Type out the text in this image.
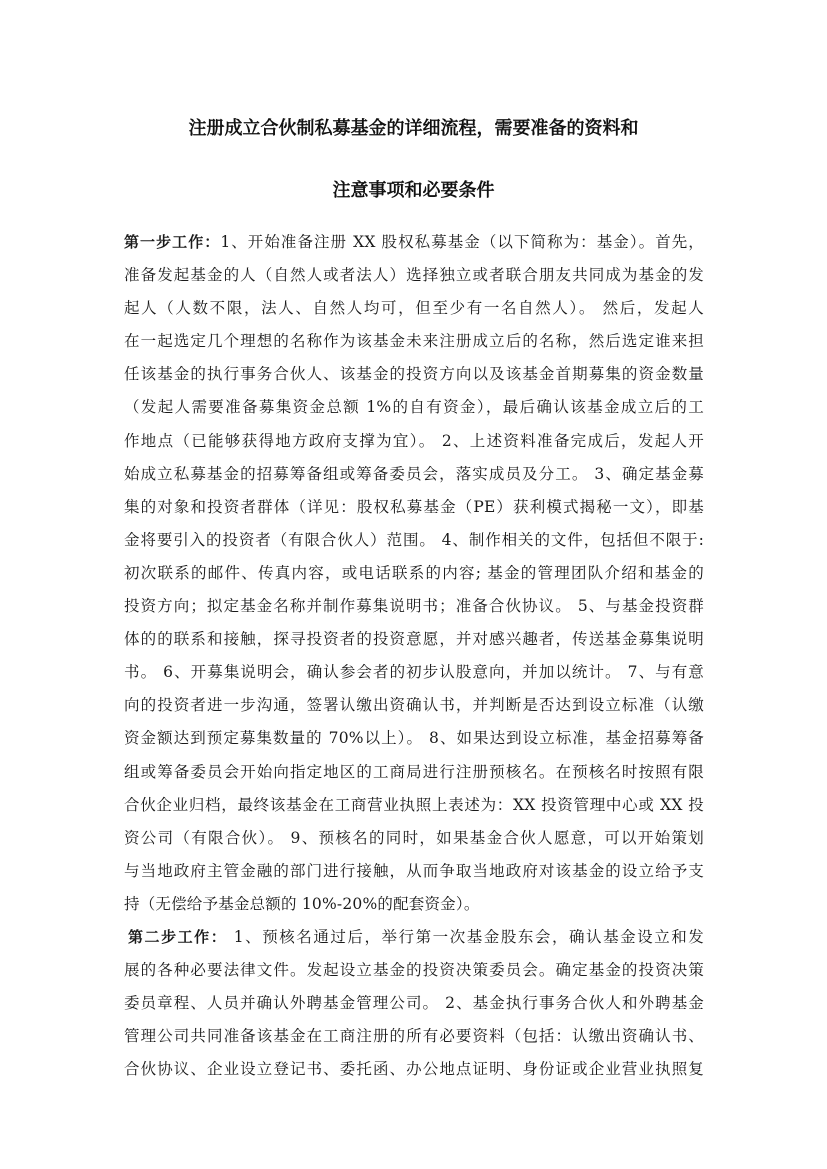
注册成立合伙制私募基金的详细流程，需要准备的资料和
注意事项和必要条件
第一步工作：1、开始准备注册 XX 股权私募基金（以下简称为：基金）。首先，
准备发起基金的人（自然人或者法人）选择独立或者联合朋友共同成为基金的发
起人（人数不限，法人、自然人均可，但至少有一名自然人）。 然后，发起人
在一起选定几个理想的名称作为该基金未来注册成立后的名称，然后选定谁来担
任该基金的执行事务合伙人、该基金的投资方向以及该基金首期募集的资金数量
（发起人需要准备募集资金总额 1%的自有资金），最后确认该基金成立后的工
作地点（已能够获得地方政府支撑为宜）。 2、上述资料准备完成后，发起人开
始成立私募基金的招募筹备组或筹备委员会，落实成员及分工。 3、确定基金募
集的对象和投资者群体（详见：股权私募基金（PE）获利模式揭秘一文），即基
金将要引入的投资者（有限合伙人）范围。 4、制作相关的文件，包括但不限于:
初次联系的邮件、传真内容，或电话联系的内容; 基金的管理团队介绍和基金的
投资方向；拟定基金名称并制作募集说明书；准备合伙协议。 5、与基金投资群
体的的联系和接触，探寻投资者的投资意愿，并对感兴趣者，传送基金募集说明
书。 6、开募集说明会，确认参会者的初步认股意向，并加以统计。 7、与有意
向的投资者进一步沟通，签署认缴出资确认书，并判断是否达到设立标准（认缴
资金额达到预定募集数量的 70%以上）。 8、如果达到设立标准，基金招募筹备
组或筹备委员会开始向指定地区的工商局进行注册预核名。在预核名时按照有限
合伙企业归档，最终该基金在工商营业执照上表述为：XX 投资管理中心或 XX 投
资公司（有限合伙）。 9、预核名的同时，如果基金合伙人愿意，可以开始策划
与当地政府主管金融的部门进行接触，从而争取当地政府对该基金的设立给予支
持（无偿给予基金总额的 10%-20%的配套资金）。
第二步工作： 1、预核名通过后，举行第一次基金股东会，确认基金设立和发
展的各种必要法律文件。发起设立基金的投资决策委员会。确定基金的投资决策
委员章程、人员并确认外聘基金管理公司。 2、基金执行事务合伙人和外聘基金
管理公司共同准备该基金在工商注册的所有必要资料（包括：认缴出资确认书、
合伙协议、企业设立登记书、委托函、办公地点证明、身份证或企业营业执照复
